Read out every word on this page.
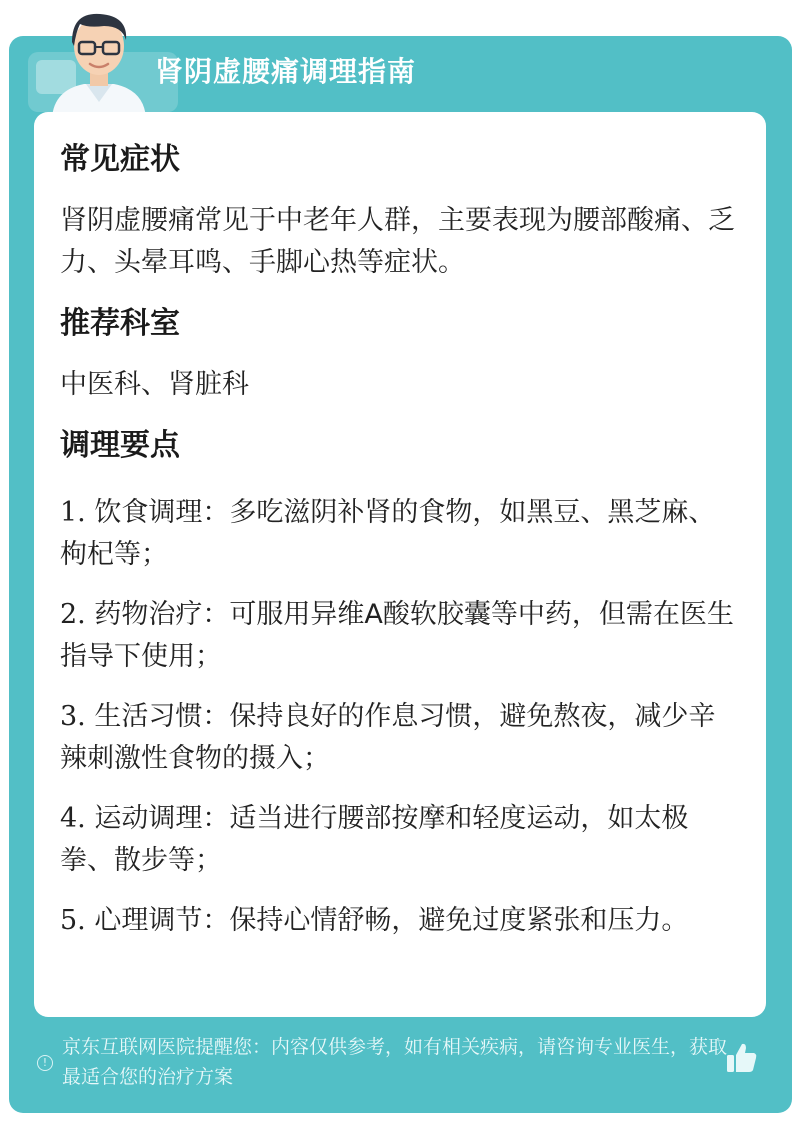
肾阴虚腰痛调理指南

常见症状

肾阴虚腰痛常见于中老年人群，主要表现为腰部酸痛、乏力、头晕耳鸣、手脚心热等症状。

推荐科室

中医科、肾脏科

调理要点

1. 饮食调理：多吃滋阴补肾的食物，如黑豆、黑芝麻、枸杞等；

2. 药物治疗：可服用异维A酸软胶囊等中药，但需在医生指导下使用；

3. 生活习惯：保持良好的作息习惯，避免熬夜，减少辛辣刺激性食物的摄入；

4. 运动调理：适当进行腰部按摩和轻度运动，如太极拳、散步等；

5. 心理调节：保持心情舒畅，避免过度紧张和压力。

!
京东互联网医院提醒您：内容仅供参考，如有相关疾病，请咨询专业医生，获取最适合您的治疗方案
